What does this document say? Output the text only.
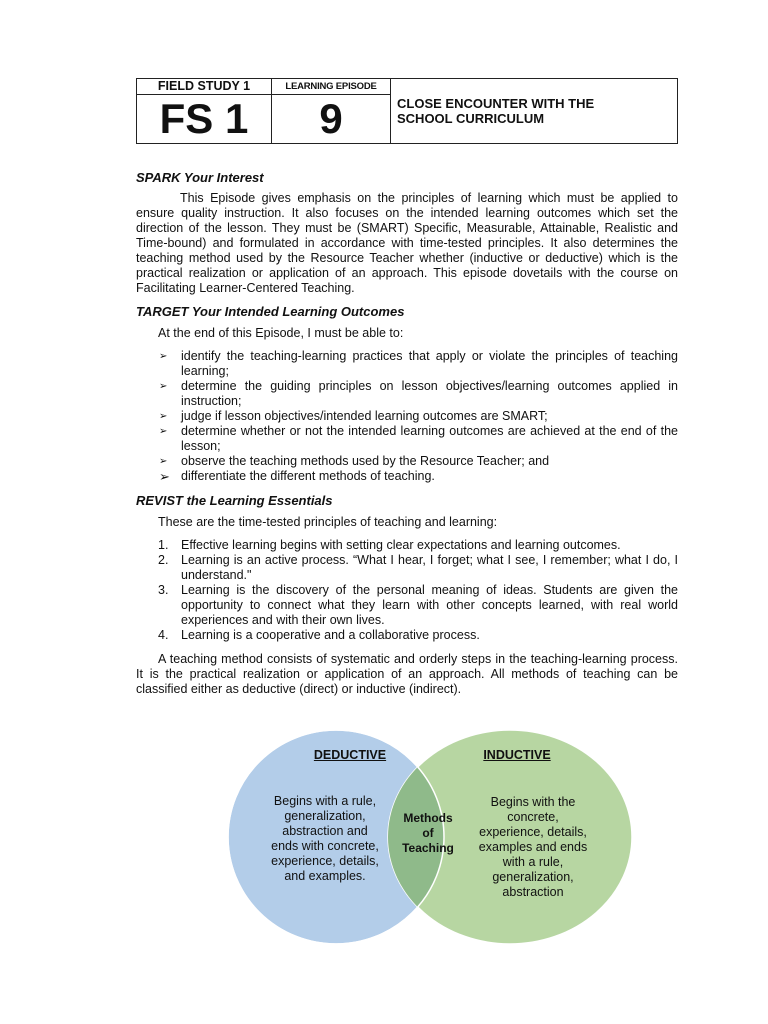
FIELD STUDY 1
FS 1
LEARNING EPISODE
9	CLOSE ENCOUNTER WITH THE
SCHOOL CURRICULUM
SPARK Your Interest

This Episode gives emphasis on the principles of learning which must be applied to ensure quality instruction. It also focuses on the intended learning outcomes which set the direction of the lesson. They must be (SMART) Specific, Measurable, Attainable, Realistic and Time-bound) and formulated in accordance with time-tested principles. It also determines the teaching method used by the Resource Teacher whether (inductive or deductive) which is the practical realization or application of an approach. This episode dovetails with the course on Facilitating Learner-Centered Teaching.

TARGET Your Intended Learning Outcomes

At the end of this Episode, I must be able to:

➢ identify the teaching-learning practices that apply or violate the principles of teaching learning;
➢ determine the guiding principles on lesson objectives/learning outcomes applied in instruction;
➢ judge if lesson objectives/intended learning outcomes are SMART;
➢ determine whether or not the intended learning outcomes are achieved at the end of the lesson;
➢ observe the teaching methods used by the Resource Teacher; and
➢ differentiate the different methods of teaching.
REVIST the Learning Essentials

These are the time-tested principles of teaching and learning:

1. Effective learning begins with setting clear expectations and learning outcomes.
2. Learning is an active process. “What I hear, I forget; what I see, I remember; what I do, I understand."
3. Learning is the discovery of the personal meaning of ideas. Students are given the opportunity to connect what they learn with other concepts learned, with real world experiences and with their own lives.
4. Learning is a cooperative and a collaborative process.

A teaching method consists of systematic and orderly steps in the teaching-learning process. It is the practical realization or application of an approach. All methods of teaching can be classified either as deductive (direct) or inductive (indirect).

DEDUCTIVE	INDUCTIVE
Begins with a rule,
generalization,
abstraction and
ends with concrete,
experience, details,
and examples.
Methods
of
Teaching
Begins with the
concrete,
experience, details,
examples and ends
with a rule,
generalization,
abstraction
